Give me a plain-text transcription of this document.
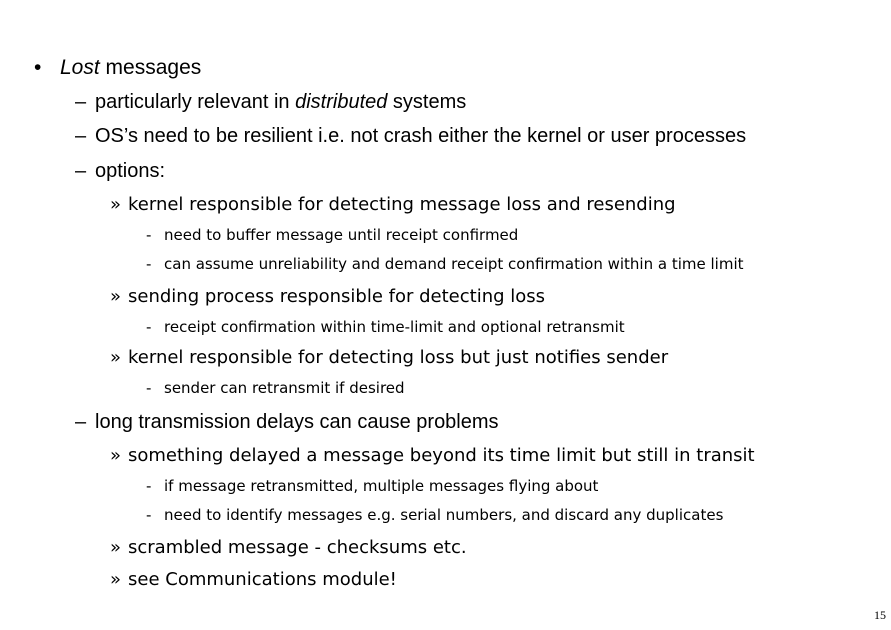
• Lost messages
– particularly relevant in distributed systems
– OS’s need to be resilient i.e. not crash either the kernel or user processes
– options:
» kernel responsible for detecting message loss and resending
- need to buffer message until receipt confirmed
- can assume unreliability and demand receipt confirmation within a time limit
» sending process responsible for detecting loss
- receipt confirmation within time-limit and optional retransmit
» kernel responsible for detecting loss but just notifies sender
- sender can retransmit if desired
– long transmission delays can cause problems
» something delayed a message beyond its time limit but still in transit
- if message retransmitted, multiple messages flying about
- need to identify messages e.g. serial numbers, and discard any duplicates
» scrambled message - checksums etc.
» see Communications module!
15
